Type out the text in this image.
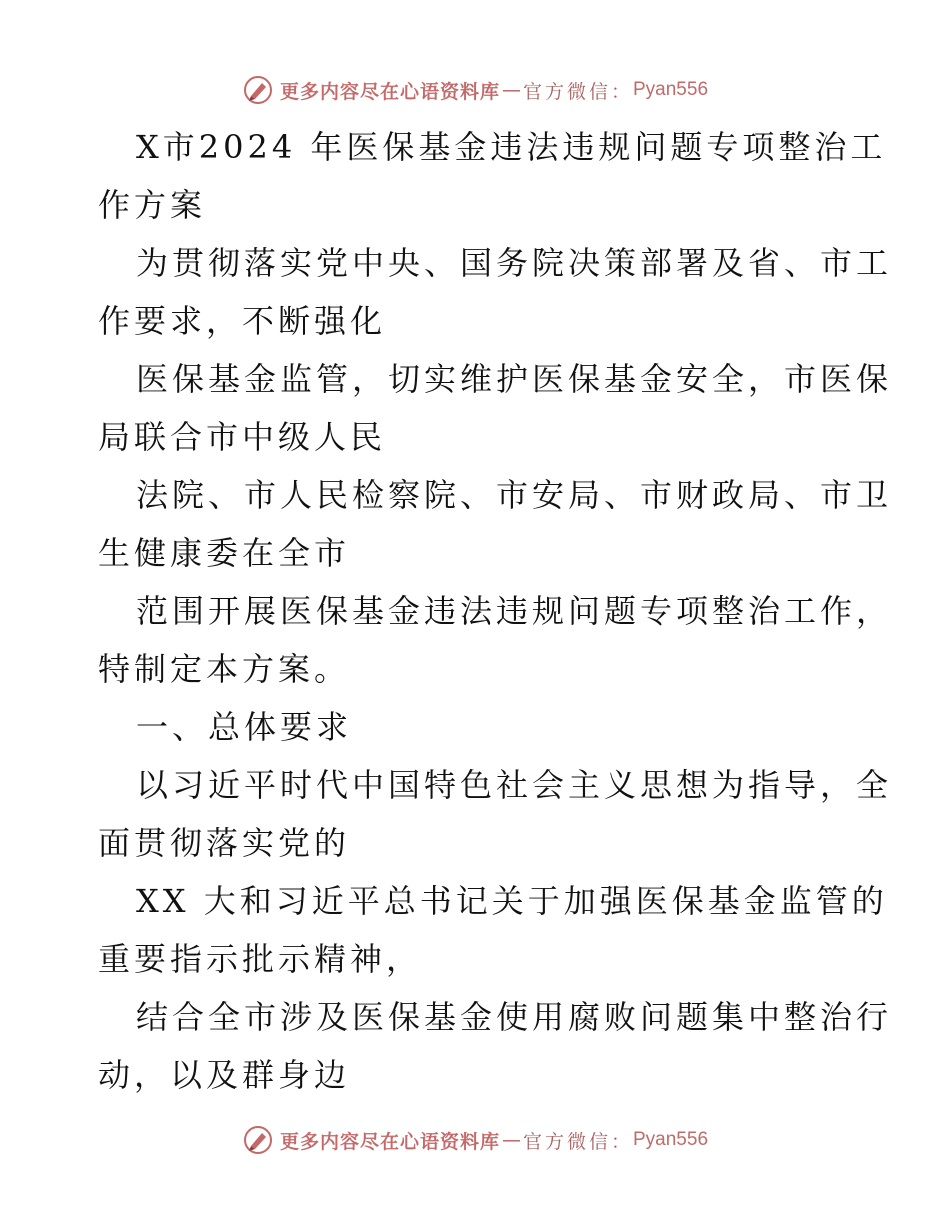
更多内容尽在心语资料库 — 官方微信： Pyan556

X市2024 年医保基金违法违规问题专项整治工
作方案

为贯彻落实党中央、国务院决策部署及省、市工
作要求，不断强化

医保基金监管，切实维护医保基金安全，市医保
局联合市中级人民

法院、市人民检察院、市安局、市财政局、市卫
生健康委在全市

范围开展医保基金违法违规问题专项整治工作，
特制定本方案。

一、总体要求

以习近平时代中国特色社会主义思想为指导，全
面贯彻落实党的

XX 大和习近平总书记关于加强医保基金监管的
重要指示批示精神，

结合全市涉及医保基金使用腐败问题集中整治行
动，以及群身边

更多内容尽在心语资料库 — 官方微信： Pyan556
